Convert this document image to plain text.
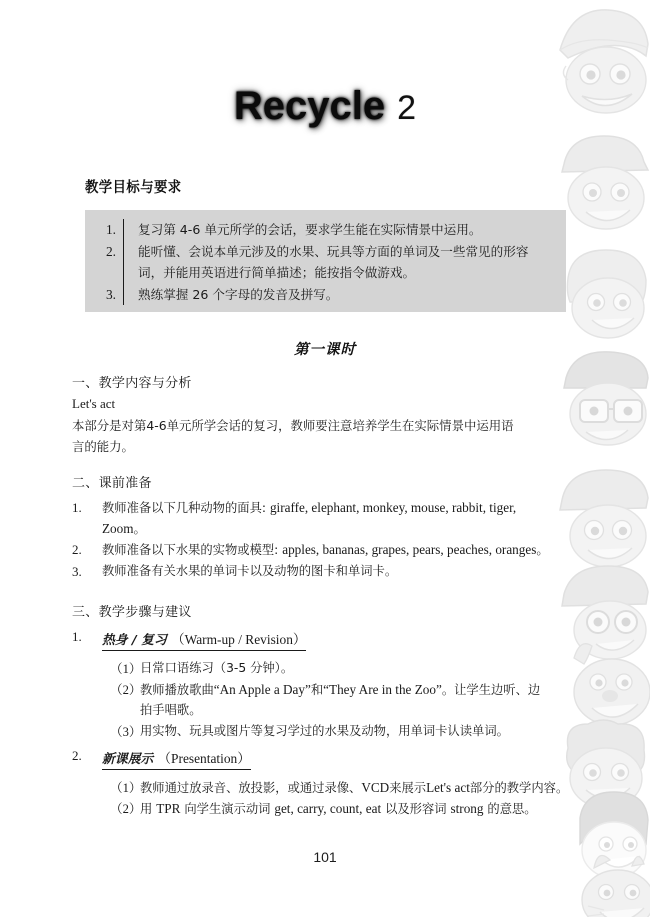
Recycle 2
教学目标与要求
1.	复习第 4-6 单元所学的会话，要求学生能在实际情景中运用。
2.	能听懂、会说本单元涉及的水果、玩具等方面的单词及一些常见的形容词，并能用英语进行简单描述；能按指令做游戏。
3.	熟练掌握 26 个字母的发音及拼写。
第一课时
一、教学内容与分析
Let's act
本部分是对第4-6单元所学会话的复习，教师要注意培养学生在实际情景中运用语
言的能力。
二、课前准备
1.	教师准备以下几种动物的面具: giraffe, elephant, monkey, mouse, rabbit, tiger,
Zoom。
2.	教师准备以下水果的实物或模型: apples, bananas, grapes, pears, peaches, oranges。
3.	教师准备有关水果的单词卡以及动物的图卡和单词卡。
三、教学步骤与建议
1.	热身 / 复习 （Warm-up / Revision）
（1）
日常口语练习（3-5 分钟）。
（2）
教师播放歌曲“An Apple a Day”和“They Are in the Zoo”。让学生边听、边
拍手唱歌。
（3）
用实物、玩具或图片等复习学过的水果及动物，用单词卡认读单词。
2.	新课展示 （Presentation）
（1）
教师通过放录音、放投影，或通过录像、VCD来展示Let's act部分的教学内容。
（2）
用 TPR 向学生演示动词 get, carry, count, eat 以及形容词 strong 的意思。
101
